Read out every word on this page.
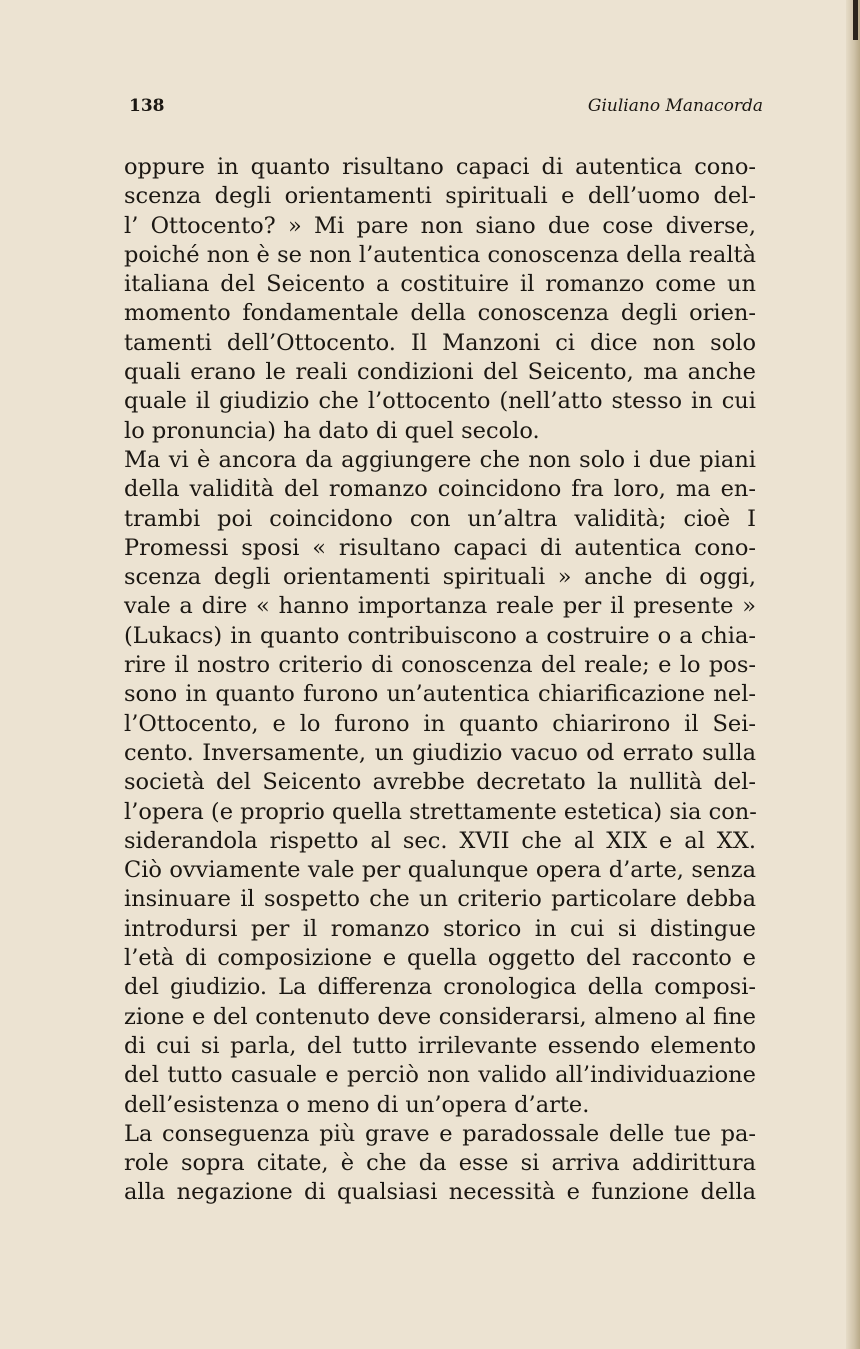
138	Giuliano Manacorda
oppure in quanto risultano capaci di autentica cono-
scenza degli orientamenti spirituali e dell’uomo del-
l’ Ottocento? » Mi pare non siano due cose diverse,
poiché non è se non l’autentica conoscenza della realtà
italiana del Seicento a costituire il romanzo come un
momento fondamentale della conoscenza degli orien-
tamenti dell’Ottocento. Il Manzoni ci dice non solo
quali erano le reali condizioni del Seicento, ma anche
quale il giudizio che l’ottocento (nell’atto stesso in cui
lo pronuncia) ha dato di quel secolo.
Ma vi è ancora da aggiungere che non solo i due piani
della validità del romanzo coincidono fra loro, ma en-
trambi poi coincidono con un’altra validità; cioè I
Promessi sposi « risultano capaci di autentica cono-
scenza degli orientamenti spirituali » anche di oggi,
vale a dire « hanno importanza reale per il presente »
(Lukacs) in quanto contribuiscono a costruire o a chia-
rire il nostro criterio di conoscenza del reale; e lo pos-
sono in quanto furono un’autentica chiarificazione nel-
l’Ottocento, e lo furono in quanto chiarirono il Sei-
cento. Inversamente, un giudizio vacuo od errato sulla
società del Seicento avrebbe decretato la nullità del-
l’opera (e proprio quella strettamente estetica) sia con-
siderandola rispetto al sec. XVII che al XIX e al XX.
Ciò ovviamente vale per qualunque opera d’arte, senza
insinuare il sospetto che un criterio particolare debba
introdursi per il romanzo storico in cui si distingue
l’età di composizione e quella oggetto del racconto e
del giudizio. La differenza cronologica della composi-
zione e del contenuto deve considerarsi, almeno al fine
di cui si parla, del tutto irrilevante essendo elemento
del tutto casuale e perciò non valido all’individuazione
dell’esistenza o meno di un’opera d’arte.
La conseguenza più grave e paradossale delle tue pa-
role sopra citate, è che da esse si arriva addirittura
alla negazione di qualsiasi necessità e funzione della
